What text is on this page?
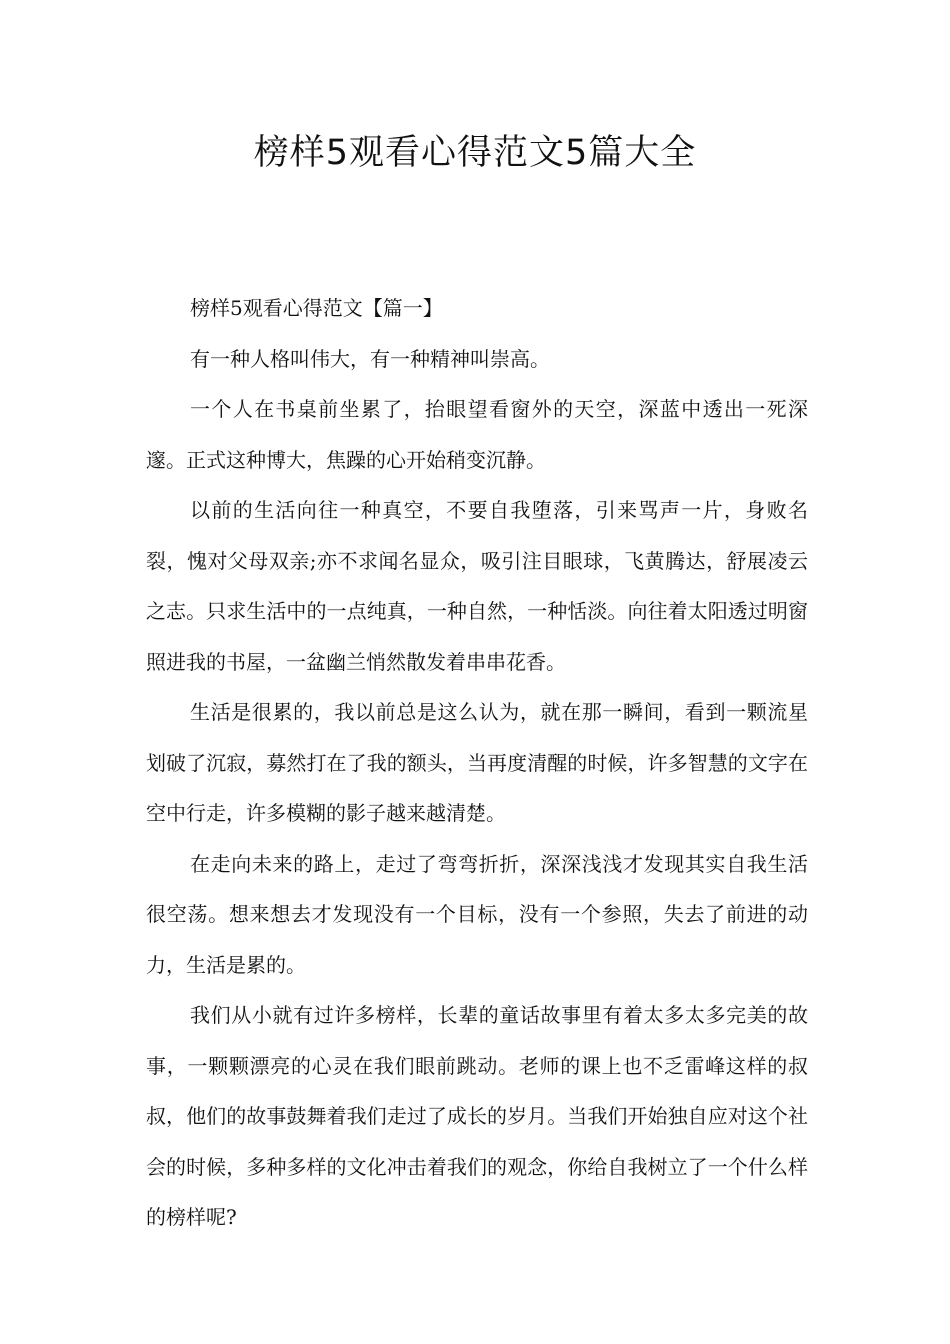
榜样5观看心得范文5篇大全

榜样5观看心得范文【篇一】

有一种人格叫伟大，有一种精神叫崇高。

一个人在书桌前坐累了，抬眼望看窗外的天空，深蓝中透出一死深邃。正式这种博大，焦躁的心开始稍变沉静。

以前的生活向往一种真空，不要自我堕落，引来骂声一片，身败名裂，愧对父母双亲;亦不求闻名显众，吸引注目眼球，飞黄腾达，舒展凌云之志。只求生活中的一点纯真，一种自然，一种恬淡。向往着太阳透过明窗照进我的书屋，一盆幽兰悄然散发着串串花香。

生活是很累的，我以前总是这么认为，就在那一瞬间，看到一颗流星划破了沉寂，募然打在了我的额头，当再度清醒的时候，许多智慧的文字在空中行走，许多模糊的影子越来越清楚。

在走向未来的路上，走过了弯弯折折，深深浅浅才发现其实自我生活很空荡。想来想去才发现没有一个目标，没有一个参照，失去了前进的动力，生活是累的。

我们从小就有过许多榜样，长辈的童话故事里有着太多太多完美的故事，一颗颗漂亮的心灵在我们眼前跳动。老师的课上也不乏雷峰这样的叔叔，他们的故事鼓舞着我们走过了成长的岁月。当我们开始独自应对这个社会的时候，多种多样的文化冲击着我们的观念，你给自我树立了一个什么样的榜样呢?
